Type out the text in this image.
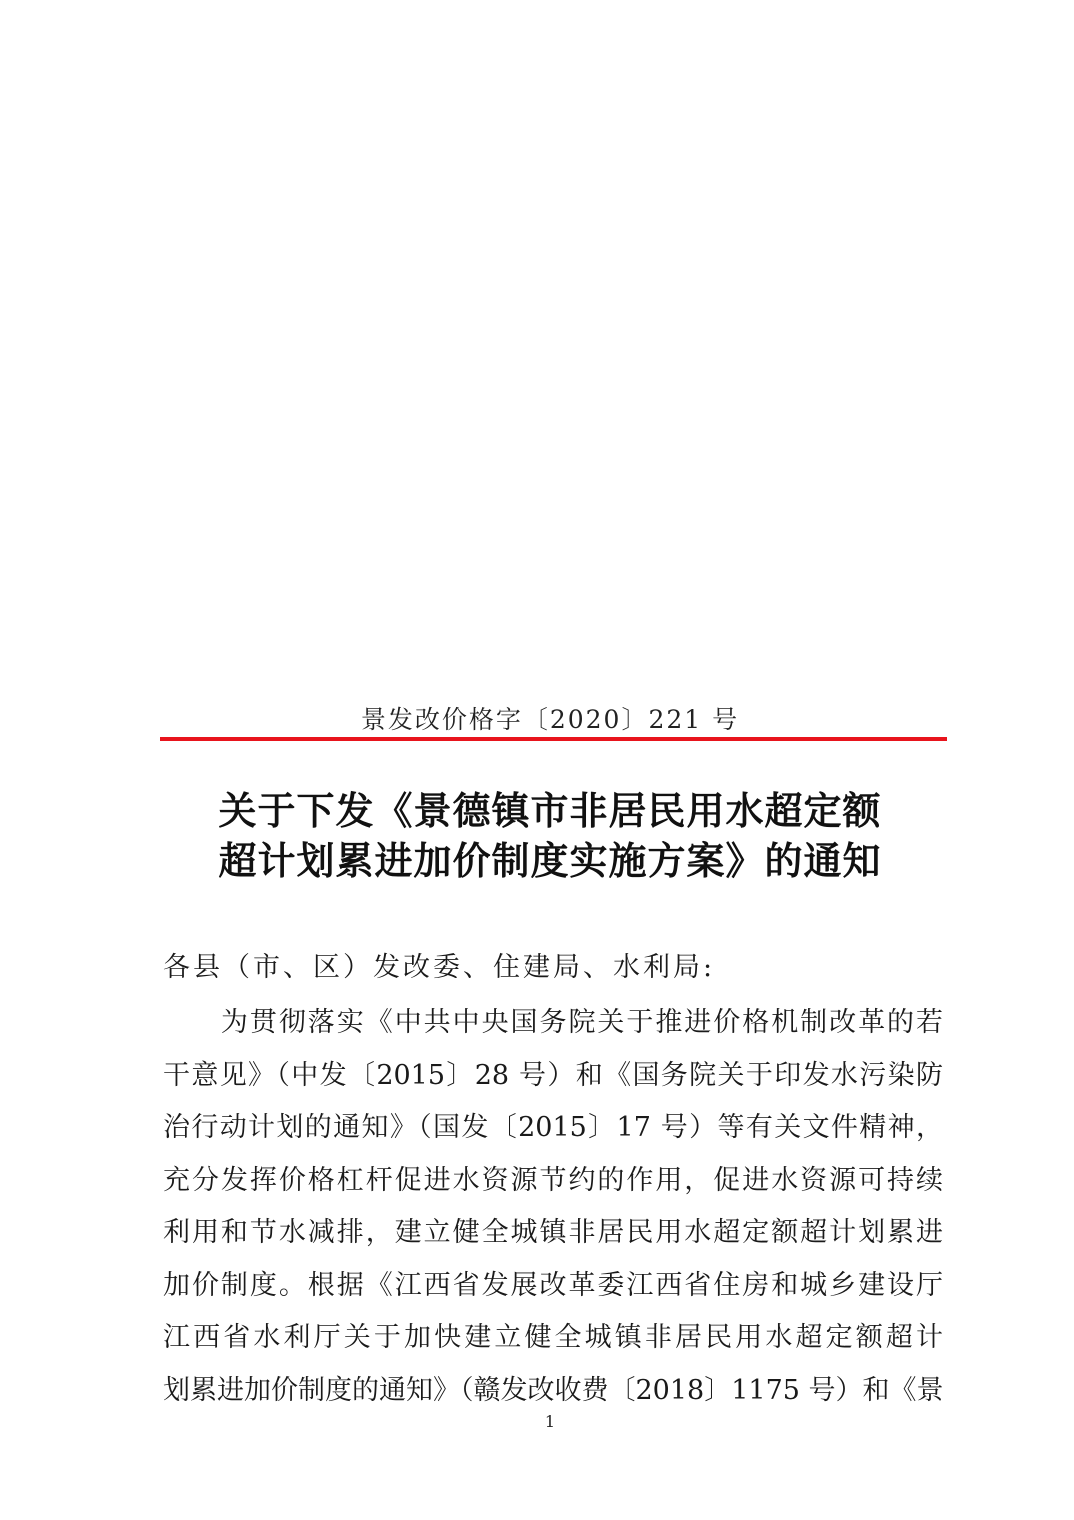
景发改价格字〔2020〕221 号
关于下发《景德镇市非居民用水超定额
超计划累进加价制度实施方案》的通知
各县（市、区）发改委、住建局、水利局:
　　为贯彻落实《中共中央国务院关于推进价格机制改革的若
干意见》（中发〔2015〕28 号）和《国务院关于印发水污染防
治行动计划的通知》（国发〔2015〕17 号）等有关文件精神，
充分发挥价格杠杆促进水资源节约的作用，促进水资源可持续
利用和节水减排，建立健全城镇非居民用水超定额超计划累进
加价制度。根据《江西省发展改革委江西省住房和城乡建设厅
江西省水利厅关于加快建立健全城镇非居民用水超定额超计
划累进加价制度的通知》（赣发改收费〔2018〕1175 号）和《景
1
